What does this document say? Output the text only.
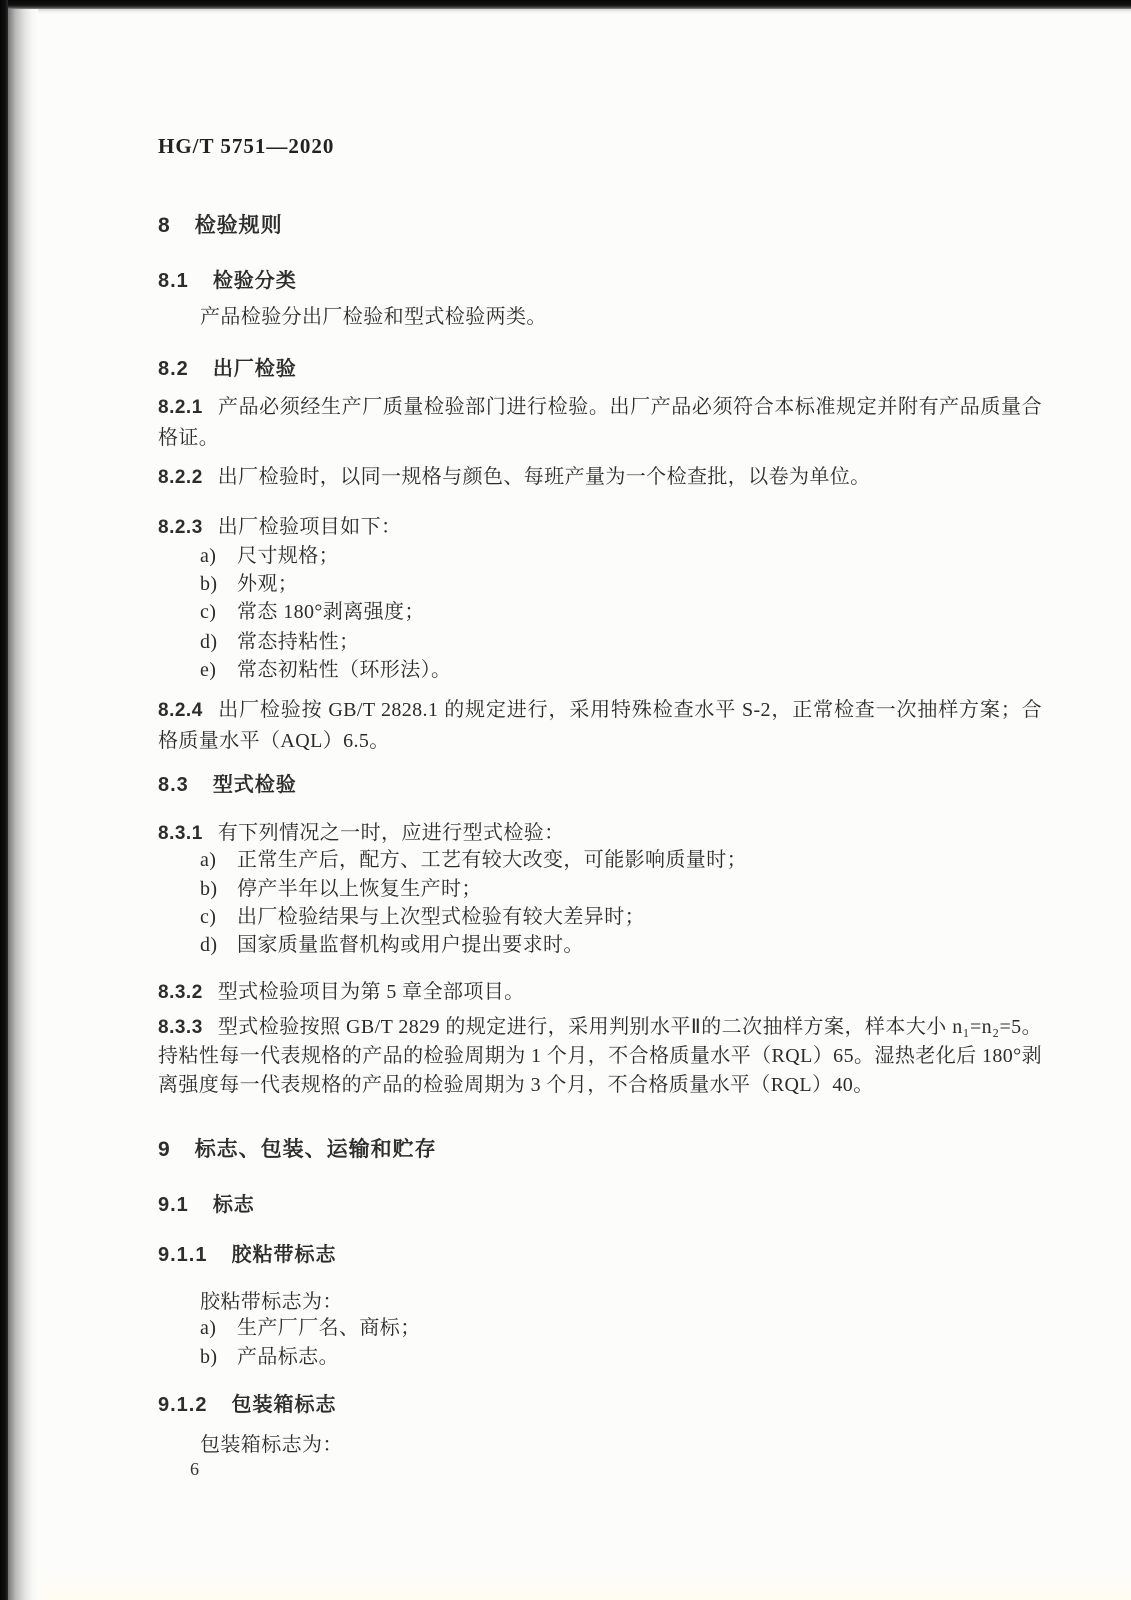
HG/T 5751—2020
8 检验规则
8.1 检验分类
产品检验分出厂检验和型式检验两类。
8.2 出厂检验
8.2.1 产品必须经生产厂质量检验部门进行检验。出厂产品必须符合本标准规定并附有产品质量合格证。
8.2.2 出厂检验时，以同一规格与颜色、每班产量为一个检查批，以卷为单位。
8.2.3 出厂检验项目如下：
a) 尺寸规格；
b) 外观；
c) 常态 180°剥离强度；
d) 常态持粘性；
e) 常态初粘性（环形法）。
8.2.4 出厂检验按 GB/T 2828.1 的规定进行，采用特殊检查水平 S-2，正常检查一次抽样方案；合格质量水平（AQL）6.5。
8.3 型式检验
8.3.1 有下列情况之一时，应进行型式检验：
a) 正常生产后，配方、工艺有较大改变，可能影响质量时；
b) 停产半年以上恢复生产时；
c) 出厂检验结果与上次型式检验有较大差异时；
d) 国家质量监督机构或用户提出要求时。
8.3.2 型式检验项目为第 5 章全部项目。
8.3.3 型式检验按照 GB/T 2829 的规定进行，采用判别水平Ⅱ的二次抽样方案，样本大小 n₁=n₂=5。持粘性每一代表规格的产品的检验周期为 1 个月，不合格质量水平（RQL）65。湿热老化后 180°剥离强度每一代表规格的产品的检验周期为 3 个月，不合格质量水平（RQL）40。
9 标志、包装、运输和贮存
9.1 标志
9.1.1 胶粘带标志
胶粘带标志为：
a) 生产厂厂名、商标；
b) 产品标志。
9.1.2 包装箱标志
包装箱标志为：
6
